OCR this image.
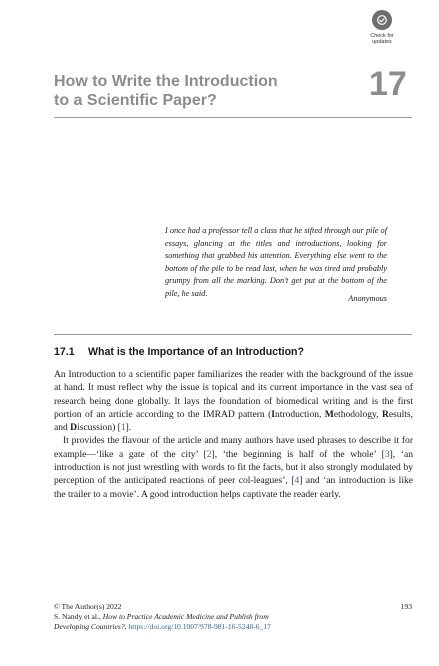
Check for
updates
How to Write the Introduction
to a Scientific Paper?	17
I once had a professor tell a class that he sifted through our pile of essays, glancing at the titles and introductions, looking for something that grabbed his attention. Everything else went to the bottom of the pile to be read last, when he was tired and probably grumpy from all the marking. Don’t get put at the bottom of the pile, he said.
Anonymous
17.1 What is the Importance of an Introduction?

An Introduction to a scientific paper familiarizes the reader with the background of the issue at hand. It must reflect why the issue is topical and its current importance in the vast sea of research being done globally. It lays the foundation of biomedical writing and is the first portion of an article according to the IMRAD pattern (Introduction, Methodology, Results, and Discussion) [1].

It provides the flavour of the article and many authors have used phrases to describe it for example—‘like a gate of the city’ [2], ‘the beginning is half of the whole’ [3], ‘an introduction is not just wrestling with words to fit the facts, but it also strongly modulated by perception of the anticipated reactions of peer col-leagues’, [4] and ‘an introduction is like the trailer to a movie’. A good introduction helps captivate the reader early.

© The Author(s) 2022
S. Nandy et al., How to Practice Academic Medicine and Publish from
Developing Countries?, https://doi.org/10.1007/978-981-16-5248-6_17
193
